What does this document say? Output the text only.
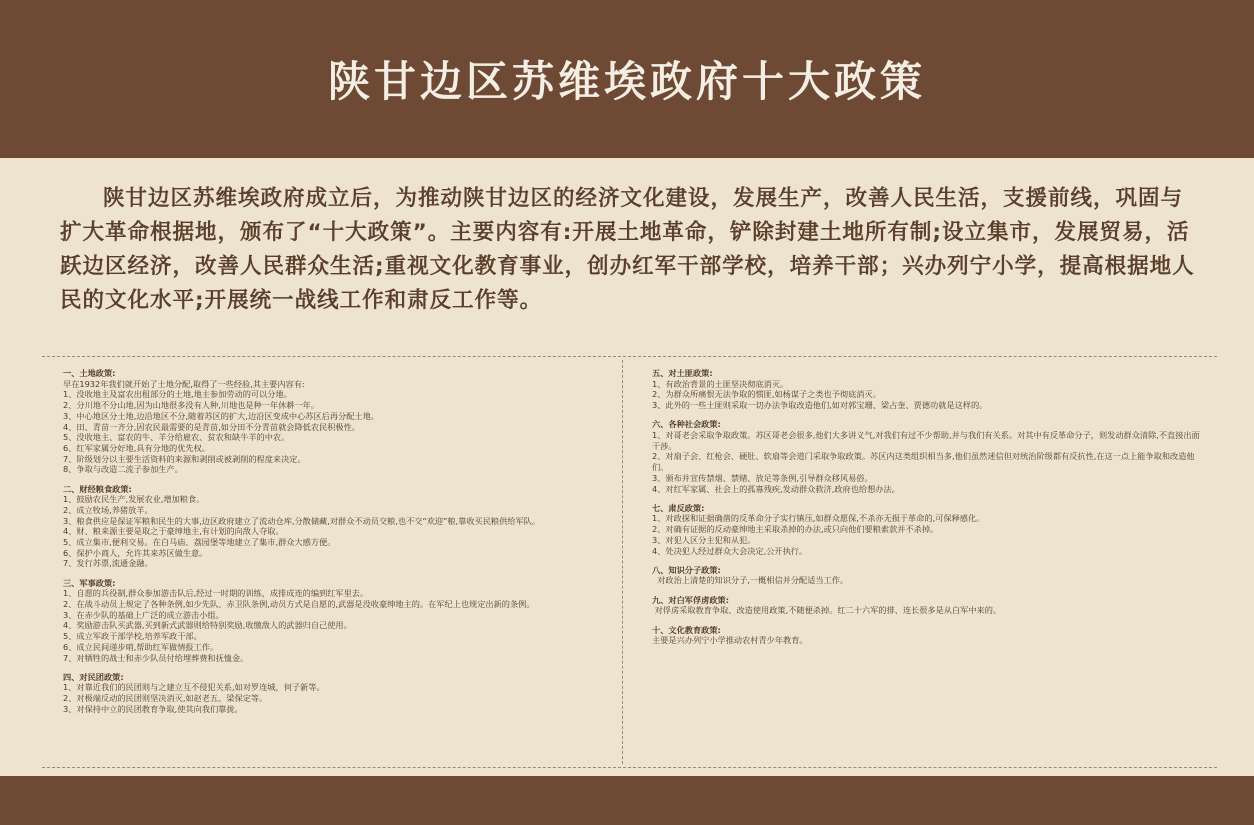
陕甘边区苏维埃政府十大政策

陕甘边区苏维埃政府成立后，为推动陕甘边区的经济文化建设，发展生产，改善人民生活，支援前线，巩固与扩大革命根据地，颁布了“十大政策”。主要内容有:开展土地革命，铲除封建土地所有制;设立集市，发展贸易，活跃边区经济，改善人民群众生活;重视文化教育事业，创办红军干部学校，培养干部；兴办列宁小学，提高根据地人民的文化水平;开展统一战线工作和肃反工作等。

一、土地政策:

早在1932年我们就开始了土地分配,取得了一些经验,其主要内容有:

1、没收地主及富农出租部分的土地,地主参加劳动的可以分地。

2、分川地不分山地,因为山地很多没有人种,川地也是种一年休耕一年。

3、中心地区分土地,边沿地区不分,随着苏区的扩大,边沿区变成中心苏区后再分配土地。

4、田、青苗一齐分,因农民最需要的是青苗,如分田不分青苗就会降低农民积极性。

5、没收地主、富农的牛、羊分给雇农、贫农和缺牛羊的中农。

6、红军家属分好地,具有分地的优先权。

7、阶级划分以主要生活资料的来源和剥削或被剥削的程度来决定。

8、争取与改造二流子参加生产。

二、财经粮食政策:

1、鼓励农民生产,发展农业,增加粮食。

2、成立牧场,养猪放羊。

3、粮食供应是保证军粮和民生的大事,边区政府建立了流动仓库,分散储藏,对群众不动员交粮,也不交“欢迎”粮,靠收买民粮供给军队。

4、财、粮来源主要是取之于豪绅地主,有计划的向敌人夺取。

5、成立集市,便利交易。在白马庙、荔园堡等地建立了集市,群众大感方便。

6、保护小商人，允许其来苏区做生意。

7、发行苏票,流通金融。

三、军事政策:

1、自愿的兵役制,群众参加游击队后,经过一时期的训练，成排成连的编到红军里去。

2、在战斗动员上规定了各种条例,如少先队、赤卫队条例,动员方式是自愿的,武器是没收豪绅地主的。在军纪上也规定出新的条例。

3、在赤少队的基础上广泛的成立游击小组。

4、奖励游击队买武器,买到新式武器则给特别奖励,收缴敌人的武器归自己使用。

5、成立军政干部学校,培养军政干部。

6、成立民间递步哨,帮助红军做情报工作。

7、对牺牲的战士和赤少队员付给埋葬费和抚恤金。

四、对民团政策:

1、对靠近我们的民团则与之建立互不侵犯关系,如对罗连城，何子新等。

2、对极端反动的民团则坚决消灭,如赵老五、梁保定等。

3、对保持中立的民团教育争取,使其向我们靠拢。

五、对土匪政策:

1、有政治背景的土匪坚决彻底消灭。

2、为群众所痛恨无法争取的惯匪,如杨谋子之类也予彻底消灭。

3、此外的一些土匪则采取一切办法争取改造他们,如对郭宝珊、梁占奎、贾德功就是这样的。

六、各种社会政策:

1、对哥老会采取争取政策。苏区哥老会很多,他们大多讲义气,对我们有过不少帮助,并与我们有关系。对其中有反革命分子，则发动群众清除,不直接出面干涉。

2、对扇子会、红枪会、硬肚、软扇等会道门采取争取政策。苏区内这类组织相当多,他们虽然迷信但对统治阶级都有反抗性,在这一点上能争取和改造他们。

3、颁布并宣传禁烟、禁赌、放足等条例,引导群众移风易俗。

4、对红军家属、社会上的孤寡残疾,发动群众救济,政府也给想办法。

七、肃反政策:

1、对政探和证据确凿的反革命分子实行镇压,如群众愿保,不杀亦无损于革命的,可保释感化。

2、对确有证据的反动豪绅地主采取杀掉的办法,或只向他们要粮索款并不杀掉。

3、对犯人区分主犯和从犯。

4、处决犯人经过群众大会决定,公开执行。

八、知识分子政策:

对政治上清楚的知识分子,一概相信并分配适当工作。

九、对白军俘虏政策:

对俘虏采取教育争取、改造使用政策,不随便杀掉。红二十六军的排、连长很多是从白军中来的。

十、文化教育政策:

主要是兴办列宁小学推动农村青少年教育。
